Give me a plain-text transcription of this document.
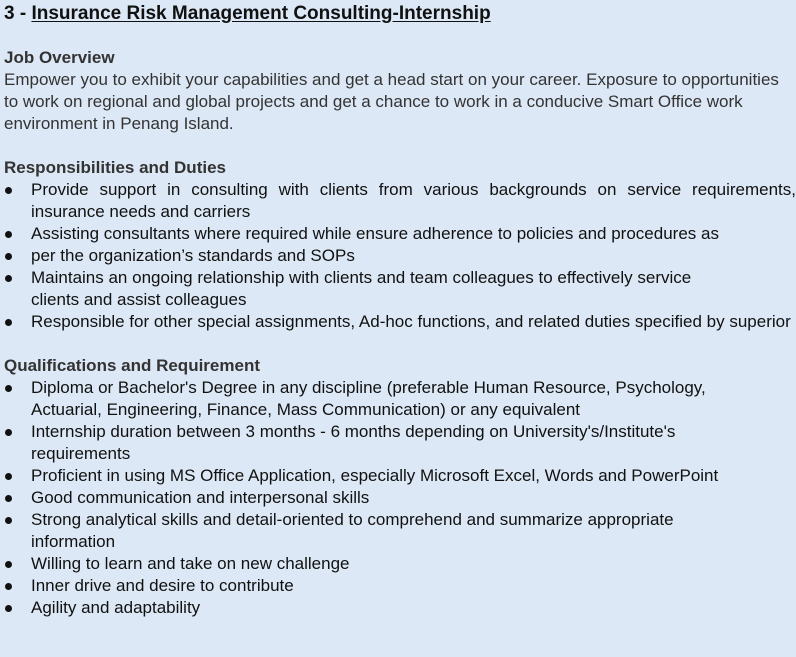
3 - Insurance Risk Management Consulting-Internship
Job Overview

Empower you to exhibit your capabilities and get a head start on your career. Exposure to opportunities to work on regional and global projects and get a chance to work in a conducive Smart Office work environment in Penang Island.

Responsibilities and Duties
Provide support in consulting with clients from various backgrounds on service requirements, insurance needs and carriers
Assisting consultants where required while ensure adherence to policies and procedures as
per the organization’s standards and SOPs
Maintains an ongoing relationship with clients and team colleagues to effectively service clients and assist colleagues
Responsible for other special assignments, Ad-hoc functions, and related duties specified by superior
Qualifications and Requirement
Diploma or Bachelor's Degree in any discipline (preferable Human Resource, Psychology, Actuarial, Engineering, Finance, Mass Communication) or any equivalent
Internship duration between 3 months - 6 months depending on University's/Institute's requirements
Proficient in using MS Office Application, especially Microsoft Excel, Words and PowerPoint
Good communication and interpersonal skills
Strong analytical skills and detail-oriented to comprehend and summarize appropriate information
Willing to learn and take on new challenge
Inner drive and desire to contribute
Agility and adaptability
